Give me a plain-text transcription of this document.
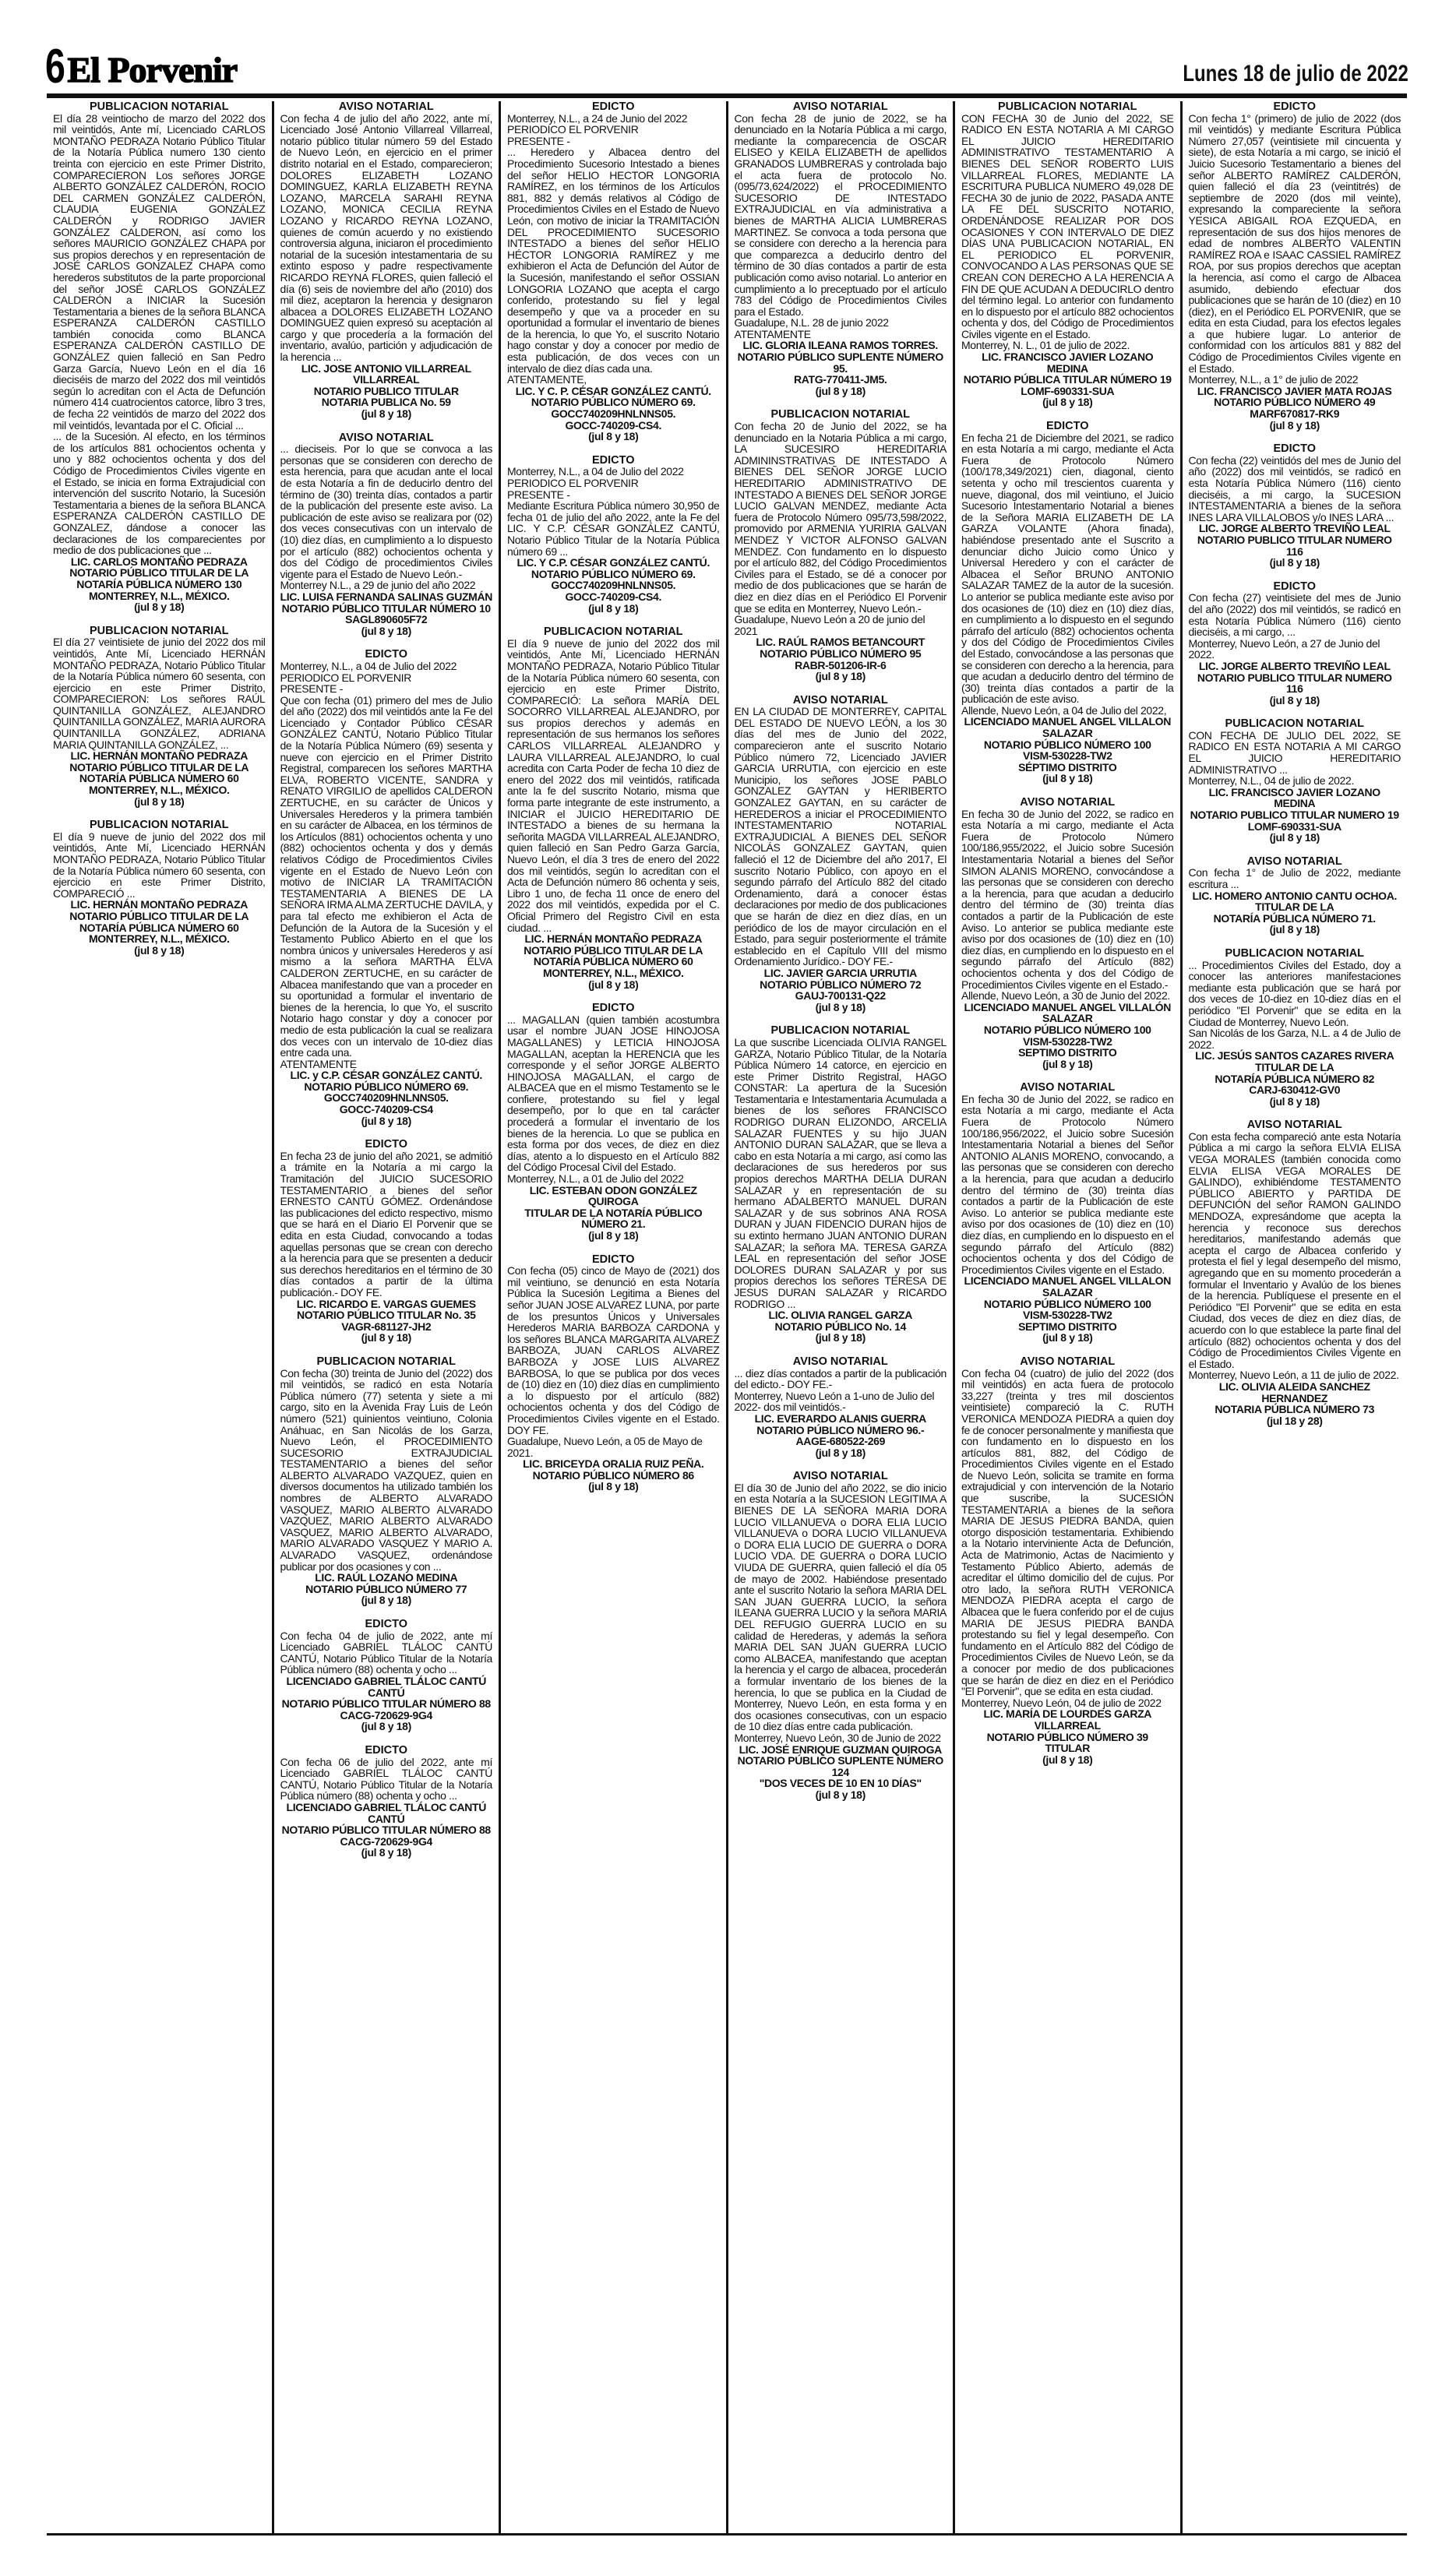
6 El Porvenir	Lunes 18 de julio de 2022
PUBLICACION NOTARIAL

El día 28 veintiocho de marzo del 2022 dos mil veintidós, Ante mí, Licenciado CARLOS MONTAÑO PEDRAZA Notario Público Titular de la Notaría Pública numero 130 ciento treinta con ejercicio en este Primer Distrito, COMPARECIERON Los señores JORGE ALBERTO GONZÁLEZ CALDERÓN, ROCIO DEL CARMEN GONZÁLEZ CALDERÓN, CLAUDIA EUGENIA GONZÁLEZ CALDERÓN y RODRIGO JAVIER GONZÁLEZ CALDERON, así como los señores MAURICIO GONZÁLEZ CHAPA por sus propios derechos y en representación de JOSÉ CARLOS GONZALEZ CHAPA como herederos substitutos de la parte proporcional del señor JOSÉ CARLOS GONZÁLEZ CALDERÓN a INICIAR la Sucesión Testamentaria a bienes de la señora BLANCA ESPERANZA CALDERÓN CASTILLO también conocida como BLANCA ESPERANZA CALDERÓN CASTILLO DE GONZÁLEZ quien falleció en San Pedro Garza García, Nuevo León en el día 16 dieciséis de marzo del 2022 dos mil veintidós según lo acreditan con el Acta de Defunción número 414 cuatrocientos catorce, libro 3 tres, de fecha 22 veintidós de marzo del 2022 dos mil veintidós, levantada por el C. Oficial ...

... de la Sucesión. Al efecto, en los términos de los artículos 881 ochocientos ochenta y uno y 882 ochocientos ochenta y dos del Código de Procedimientos Civiles vigente en el Estado, se inicia en forma Extrajudicial con intervención del suscrito Notario, la Sucesión Testamentaria a bienes de la señora BLANCA ESPERANZA CALDERÓN CASTILLO DE GONZALEZ, dándose a conocer las declaraciones de los comparecientes por medio de dos publicaciones que ...

LIC. CARLOS MONTAÑO PEDRAZA
NOTARIO PÚBLICO TITULAR DE LA
NOTARÍA PÚBLICA NÚMERO 130
MONTERREY, N.L., MÉXICO.
(jul 8 y 18)
PUBLICACION NOTARIAL

El día 27 veintisiete de junio del 2022 dos mil veintidós, Ante Mí, Licenciado HERNÁN MONTAÑO PEDRAZA, Notario Público Titular de la Notaría Pública número 60 sesenta, con ejercicio en este Primer Distrito, COMPARECIERON: Los señores RAÚL QUINTANILLA GONZÁLEZ, ALEJANDRO QUINTANILLA GONZÁLEZ, MARIA AURORA QUINTANILLA GONZÁLEZ, ADRIANA MARIA QUINTANILLA GONZÁLEZ, ...

LIC. HERNÁN MONTAÑO PEDRAZA
NOTARIO PÚBLICO TITULAR DE LA
NOTARÍA PÚBLICA NÚMERO 60
MONTERREY, N.L., MÉXICO.
(jul 8 y 18)
PUBLICACION NOTARIAL

El día 9 nueve de junio del 2022 dos mil veintidós, Ante Mí, Licenciado HERNÁN MONTAÑO PEDRAZA, Notario Público Titular de la Notaría Pública número 60 sesenta, con ejercicio en este Primer Distrito, COMPARECIÓ ...

LIC. HERNÁN MONTAÑO PEDRAZA
NOTARIO PÚBLICO TITULAR DE LA
NOTARÍA PÚBLICA NÚMERO 60
MONTERREY, N.L., MÉXICO.
(jul 8 y 18)
AVISO NOTARIAL

Con fecha 4 de julio del año 2022, ante mí, Licenciado José Antonio Villarreal Villarreal, notario público titular número 59 del Estado de Nuevo León, en ejercicio en el primer distrito notarial en el Estado, comparecieron; DOLORES ELIZABETH LOZANO DOMINGUEZ, KARLA ELIZABETH REYNA LOZANO, MARCELA SARAHI REYNA LOZANO, MONICA CECILIA REYNA LOZANO y RICARDO REYNA LOZANO, quienes de común acuerdo y no existiendo controversia alguna, iniciaron el procedimiento notarial de la sucesión intestamentaria de su extinto esposo y padre respectivamente RICARDO REYNA FLORES, quien falleció el día (6) seis de noviembre del año (2010) dos mil diez, aceptaron la herencia y designaron albacea a DOLORES ELIZABETH LOZANO DOMINGUEZ quien expresó su aceptación al cargo y que procedería a la formación del inventario, avalúo, partición y adjudicación de la herencia ...

LIC. JOSE ANTONIO VILLARREAL VILLARREAL
NOTARIO PUBLICO TITULAR
NOTARIA PUBLICA No. 59
(jul 8 y 18)
AVISO NOTARIAL

... dieciseis. Por lo que se convoca a las personas que se consideren con derecho de esta herencia, para que acudan ante el local de esta Notaría a fin de deducirlo dentro del término de (30) treinta días, contados a partir de la publicación del presente este aviso. La publicación de este aviso se realizara por (02) dos veces consecutivas con un intervalo de (10) diez días, en cumplimiento a lo dispuesto por el artículo (882) ochocientos ochenta y dos del Código de procedimientos Civiles vigente para el Estado de Nuevo León.-

Monterrey N.L., a 29 de junio del año 2022

LIC. LUISA FERNANDA SALINAS GUZMÁN
NOTARIO PÚBLICO TITULAR NÚMERO 10
SAGL890605F72
(jul 8 y 18)
EDICTO

Monterrey, N.L., a 04 de Julio del 2022

PERIODICO EL PORVENIR

PRESENTE -

Que con fecha (01) primero del mes de Julio del año (2022) dos mil veintidós ante la Fe del Licenciado y Contador Público CÉSAR GONZÁLEZ CANTÚ, Notario Público Titular de la Notaría Pública Número (69) sesenta y nueve con ejercicio en el Primer Distrito Registral, comparecen los señores MARTHA ELVA, ROBERTO VICENTE, SANDRA y RENATO VIRGILIO de apellidos CALDERON ZERTUCHE, en su carácter de Únicos y Universales Herederos y la primera también en su carácter de Albacea, en los términos de los Artículos (881) ochocientos ochenta y uno (882) ochocientos ochenta y dos y demás relativos Código de Procedimientos Civiles vigente en el Estado de Nuevo León con motivo de INICIAR LA TRAMITACIÓN TESTAMENTARIA A BIENES DE LA SEÑORA IRMA ALMA ZERTUCHE DAVILA, y para tal efecto me exhibieron el Acta de Defunción de la Autora de la Sucesión y el Testamento Publico Abierto en el que los nombra únicos y universales Herederos y así mismo a la señora MARTHA ELVA CALDERON ZERTUCHE, en su carácter de Albacea manifestando que van a proceder en su oportunidad a formular el inventario de bienes de la herencia, lo que Yo, el suscrito Notario hago constar y doy a conocer por medio de esta publicación la cual se realizara dos veces con un intervalo de 10-diez días entre cada una.

ATENTAMENTE

LIC. y C.P. CÉSAR GONZÁLEZ CANTÚ.
NOTARIO PÚBLICO NÚMERO 69.
GOCC740209HNLNNS05.
GOCC-740209-CS4
(jul 8 y 18)
EDICTO

En fecha 23 de junio del año 2021, se admitió a trámite en la Notaría a mi cargo la Tramitación del JUICIO SUCESORIO TESTAMENTARIO a bienes del señor ERNESTO CANTÚ GÓMEZ. Ordenándose las publicaciones del edicto respectivo, mismo que se hará en el Diario El Porvenir que se edita en esta Ciudad, convocando a todas aquellas personas que se crean con derecho a la herencia para que se presenten a deducir sus derechos hereditarios en el término de 30 días contados a partir de la última publicación.- DOY FE.

LIC. RICARDO E. VARGAS GUEMES
NOTARIO PÚBLICO TITULAR No. 35
VAGR-681127-JH2
(jul 8 y 18)
PUBLICACION NOTARIAL

Con fecha (30) treinta de Junio del (2022) dos mil veintidós, se radicó en esta Notaría Pública número (77) setenta y siete a mi cargo, sito en la Avenida Fray Luis de León número (521) quinientos veintiuno, Colonia Anáhuac, en San Nicolás de los Garza, Nuevo León, el PROCEDIMIENTO SUCESORIO EXTRAJUDICIAL TESTAMENTARIO a bienes del señor ALBERTO ALVARADO VAZQUEZ, quien en diversos documentos ha utilizado también los nombres de ALBERTO ALVARADO VASQUEZ, MARIO ALBERTO ALVARADO VAZQUEZ, MARIO ALBERTO ALVARADO VASQUEZ, MARIO ALBERTO ALVARADO, MARIO ALVARADO VASQUEZ Y MARIO A. ALVARADO VASQUEZ, ordenándose publicar por dos ocasiones y con ...

LIC. RAÚL LOZANO MEDINA
NOTARIO PÚBLICO NÚMERO 77
(jul 8 y 18)
EDICTO

Con fecha 04 de julio de 2022, ante mí Licenciado GABRIEL TLÁLOC CANTÚ CANTÚ, Notario Público Titular de la Notaría Pública número (88) ochenta y ocho ...

LICENCIADO GABRIEL TLÁLOC CANTÚ CANTÚ
NOTARIO PÚBLICO TITULAR NÚMERO 88
CACG-720629-9G4
(jul 8 y 18)
EDICTO

Con fecha 06 de julio del 2022, ante mí Licenciado GABRIEL TLÁLOC CANTÚ CANTÚ, Notario Público Titular de la Notaría Pública número (88) ochenta y ocho ...

LICENCIADO GABRIEL TLÁLOC CANTÚ CANTÚ
NOTARIO PÚBLICO TITULAR NÚMERO 88
CACG-720629-9G4
(jul 8 y 18)
EDICTO

Monterrey, N.L., a 24 de Junio del 2022

PERIODICO EL PORVENIR

PRESENTE -

... Heredero y Albacea dentro del Procedimiento Sucesorio Intestado a bienes del señor HELIO HECTOR LONGORIA RAMÍREZ, en los términos de los Artículos 881, 882 y demás relativos al Código de Procedimientos Civiles en el Estado de Nuevo León, con motivo de iniciar la TRAMITACIÓN DEL PROCEDIMIENTO SUCESORIO INTESTADO a bienes del señor HELIO HÉCTOR LONGORIA RAMÍREZ y me exhibieron el Acta de Defunción del Autor de la Sucesión, manifestando el señor OSSIAN LONGORIA LOZANO que acepta el cargo conferido, protestando su fiel y legal desempeño y que va a proceder en su oportunidad a formular el inventario de bienes de la herencia, lo que Yo, el suscrito Notario hago constar y doy a conocer por medio de esta publicación, de dos veces con un intervalo de diez días cada una.

ATENTAMENTE,

LIC. Y C. P. CÉSAR GONZÁLEZ CANTÚ.
NOTARIO PÚBLICO NÚMERO 69.
GOCC740209HNLNNS05.
GOCC-740209-CS4.
(jul 8 y 18)
EDICTO

Monterrey, N.L., a 04 de Julio del 2022

PERIODICO EL PORVENIR

PRESENTE -

Mediante Escritura Pública número 30,950 de fecha 01 de julio del año 2022, ante la Fe del LIC. Y C.P. CÉSAR GONZÁLEZ CANTÚ, Notario Público Titular de la Notaría Pública número 69 ...

LIC. Y C.P. CÉSAR GONZÁLEZ CANTÚ.
NOTARIO PÚBLICO NÚMERO 69.
GOCC740209HNLNNS05.
GOCC-740209-CS4.
(jul 8 y 18)
PUBLICACION NOTARIAL

El día 9 nueve de junio del 2022 dos mil veintidós, Ante Mí, Licenciado HERNÁN MONTAÑO PEDRAZA, Notario Público Titular de la Notaría Pública número 60 sesenta, con ejercicio en este Primer Distrito, COMPARECIÓ: La señora MARÍA DEL SOCORRO VILLARREAL ALEJANDRO, por sus propios derechos y además en representación de sus hermanos los señores CARLOS VILLARREAL ALEJANDRO y LAURA VILLARREAL ALEJANDRO, lo cual acredita con Carta Poder de fecha 10 diez de enero del 2022 dos mil veintidós, ratificada ante la fe del suscrito Notario, misma que forma parte integrante de este instrumento, a INICIAR el JUICIO HEREDITARIO DE INTESTADO a bienes de su hermana la señorita MAGDA VILLARREAL ALEJANDRO, quien falleció en San Pedro Garza García, Nuevo León, el día 3 tres de enero del 2022 dos mil veintidós, según lo acreditan con el Acta de Defunción número 86 ochenta y seis, Libro 1 uno, de fecha 11 once de enero del 2022 dos mil veintidós, expedida por el C. Oficial Primero del Registro Civil en esta ciudad. ...

LIC. HERNÁN MONTAÑO PEDRAZA
NOTARIO PÚBLICO TITULAR DE LA
NOTARÍA PÚBLICA NÚMERO 60
MONTERREY, N.L., MÉXICO.
(jul 8 y 18)
EDICTO

... MAGALLAN (quien también acostumbra usar el nombre JUAN JOSE HINOJOSA MAGALLANES) y LETICIA HINOJOSA MAGALLAN, aceptan la HERENCIA que les corresponde y el señor JORGE ALBERTO HINOJOSA MAGALLAN, el cargo de ALBACEA que en el mismo Testamento se le confiere, protestando su fiel y legal desempeño, por lo que en tal carácter procederá a formular el inventario de los bienes de la herencia. Lo que se publica en esta forma por dos veces, de diez en diez días, atento a lo dispuesto en el Artículo 882 del Código Procesal Civil del Estado.

Monterrey, N.L., a 01 de Julio del 2022

LIC. ESTEBAN ODON GONZÁLEZ QUIROGA
TITULAR DE LA NOTARÍA PÚBLICO
NÚMERO 21.
(jul 8 y 18)
EDICTO

Con fecha (05) cinco de Mayo de (2021) dos mil veintiuno, se denunció en esta Notaría Pública la Sucesión Legitima a Bienes del señor JUAN JOSE ALVAREZ LUNA, por parte de los presuntos Únicos y Universales Herederos MARIA BARBOZA CARDONA y los señores BLANCA MARGARITA ALVAREZ BARBOZA, JUAN CARLOS ALVAREZ BARBOZA y JOSE LUIS ALVAREZ BARBOSA, lo que se publica por dos veces de (10) diez en (10) diez días en cumplimiento a lo dispuesto por el artículo (882) ochocientos ochenta y dos del Código de Procedimientos Civiles vigente en el Estado. DOY FE.

Guadalupe, Nuevo León, a 05 de Mayo de 2021.

LIC. BRICEYDA ORALIA RUIZ PEÑA.
NOTARIO PÚBLICO NÚMERO 86
(jul 8 y 18)
AVISO NOTARIAL

Con fecha 28 de junio de 2022, se ha denunciado en la Notaría Pública a mi cargo, mediante la comparecencia de OSCAR ELISEO y KEILA ELIZABETH de apellidos GRANADOS LUMBRERAS y controlada bajo el acta fuera de protocolo No. (095/73,624/2022) el PROCEDIMIENTO SUCESORIO DE INTESTADO EXTRAJUDICIAL en vía administrativa a bienes de MARTHA ALICIA LUMBRERAS MARTINEZ. Se convoca a toda persona que se considere con derecho a la herencia para que comparezca a deducirlo dentro del término de 30 días contados a partir de esta publicación como aviso notarial. Lo anterior en cumplimiento a lo preceptuado por el artículo 783 del Código de Procedimientos Civiles para el Estado.

Guadalupe, N.L. 28 de junio 2022

ATENTAMENTE

LIC. GLORIA ILEANA RAMOS TORRES.
NOTARIO PÚBLICO SUPLENTE NÚMERO 95.
RATG-770411-JM5.
(jul 8 y 18)
PUBLICACION NOTARIAL

Con fecha 20 de Junio del 2022, se ha denunciado en la Notaria Pública a mi cargo, LA SUCESIRO HEREDITARIA ADMININSTRATIVAS DE INTESTADO A BIENES DEL SEÑOR JORGE LUCIO HEREDITARIO ADMINISTRATIVO DE INTESTADO A BIENES DEL SEÑOR JORGE LUCIO GALVAN MENDEZ, mediante Acta fuera de Protocolo Número 095/73,598/2022, promovido por ARMENIA YURIRIA GALVAN MENDEZ Y VICTOR ALFONSO GALVAN MENDEZ. Con fundamento en lo dispuesto por el artículo 882, del Código Procedimientos Civiles para el Estado, se dé a conocer por medio de dos publicaciones que se harán de diez en diez días en el Periódico El Porvenir que se edita en Monterrey, Nuevo León.-

Guadalupe, Nuevo León a 20 de junio del 2021

LIC. RAÚL RAMOS BETANCOURT
NOTARIO PÚBLICO NÚMERO 95
RABR-501206-IR-6
(jul 8 y 18)
AVISO NOTARIAL

EN LA CIUDAD DE MONTERREY, CAPITAL DEL ESTADO DE NUEVO LEÓN, a los 30 días del mes de Junio del 2022, comparecieron ante el suscrito Notario Público número 72, Licenciado JAVIER GARCIA URRUTIA, con ejercicio en este Municipio, los señores JOSE PABLO GONZALEZ GAYTAN y HERIBERTO GONZALEZ GAYTAN, en su carácter de HEREDEROS a iniciar el PROCEDIMIENTO INTESTAMENTARIO NOTARIAL EXTRAJUDICIAL A BIENES DEL SEÑOR NICOLÁS GONZALEZ GAYTAN, quien falleció el 12 de Diciembre del año 2017, El suscrito Notario Público, con apoyo en el segundo párrafo del Artículo 882 del citado Ordenamiento, dará a conocer éstas declaraciones por medio de dos publicaciones que se harán de diez en diez días, en un periódico de los de mayor circulación en el Estado, para seguir posteriormente el trámite establecido en el Capítulo VIII del mismo Ordenamiento Jurídico.- DOY FE.-

LIC. JAVIER GARCIA URRUTIA
NOTARIO PÚBLICO NÚMERO 72
GAUJ-700131-Q22
(jul 8 y 18)
PUBLICACION NOTARIAL

La que suscribe Licenciada OLIVIA RANGEL GARZA, Notario Público Titular, de la Notaría Pública Número 14 catorce, en ejercicio en este Primer Distrito Registral, HAGO CONSTAR: La apertura de la Sucesión Testamentaria e Intestamentaria Acumulada a bienes de los señores FRANCISCO RODRIGO DURAN ELIZONDO, ARCELIA SALAZAR FUENTES y su hijo JUAN ANTONIO DURAN SALAZAR, que se lleva a cabo en esta Notaría a mi cargo, así como las declaraciones de sus herederos por sus propios derechos MARTHA DELIA DURAN SALAZAR y en representación de su hermano ADALBERTO MANUEL DURAN SALAZAR y de sus sobrinos ANA ROSA DURAN y JUAN FIDENCIO DURAN hijos de su extinto hermano JUAN ANTONIO DURAN SALAZAR; la señora MA. TERESA GARZA LEAL en representación del señor JOSE DOLORES DURAN SALAZAR y por sus propios derechos los señores TERESA DE JESUS DURAN SALAZAR y RICARDO RODRIGO ...

LIC. OLIVIA RANGEL GARZA
NOTARIO PÚBLICO No. 14
(jul 8 y 18)
AVISO NOTARIAL

... diez días contados a partir de la publicación del edicto.- DOY FE.-

Monterrey, Nuevo León a 1-uno de Julio del 2022- dos mil veintidós.-

LIC. EVERARDO ALANIS GUERRA
NOTARIO PÚBLICO NÚMERO 96.-
AAGE-680522-269
(jul 8 y 18)
AVISO NOTARIAL

El día 30 de Junio del año 2022, se dio inicio en esta Notaría a la SUCESION LEGITIMA A BIENES DE LA SEÑORA MARIA DORA LUCIO VILLANUEVA o DORA ELIA LUCIO VILLANUEVA o DORA LUCIO VILLANUEVA o DORA ELIA LUCIO DE GUERRA o DORA LUCIO VDA. DE GUERRA o DORA LUCIO VIUDA DE GUERRA, quien falleció el día 05 de mayo de 2002. Habiéndose presentado ante el suscrito Notario la señora MARIA DEL SAN JUAN GUERRA LUCIO, la señora ILEANA GUERRA LUCIO y la señora MARIA DEL REFUGIO GUERRA LUCIO en su calidad de Herederas, y además la señora MARIA DEL SAN JUAN GUERRA LUCIO como ALBACEA, manifestando que aceptan la herencia y el cargo de albacea, procederán a formular inventario de los bienes de la herencia, lo que se publica en la Ciudad de Monterrey, Nuevo León, en esta forma y en dos ocasiones consecutivas, con un espacio de 10 diez días entre cada publicación.

Monterrey, Nuevo León, 30 de Junio de 2022

LIC. JOSÉ ENRIQUE GUZMAN QUIROGA
NOTARIO PÚBLICO SUPLENTE NÚMERO 124
"DOS VECES DE 10 EN 10 DÍAS"
(jul 8 y 18)
PUBLICACION NOTARIAL

CON FECHA 30 de Junio del 2022, SE RADICO EN ESTA NOTARIA A MI CARGO EL JUICIO HEREDITARIO ADMINISTRATIVO TESTAMENTARIO A BIENES DEL SEÑOR ROBERTO LUIS VILLARREAL FLORES, MEDIANTE LA ESCRITURA PUBLICA NUMERO 49,028 DE FECHA 30 de junio de 2022, PASADA ANTE LA FE DEL SUSCRITO NOTARIO, ORDENÁNDOSE REALIZAR POR DOS OCASIONES Y CON INTERVALO DE DIEZ DÍAS UNA PUBLICACION NOTARIAL, EN EL PERIODICO EL PORVENIR, CONVOCANDO A LAS PERSONAS QUE SE CREAN CON DERECHO A LA HERENCIA A FIN DE QUE ACUDAN A DEDUCIRLO dentro del término legal. Lo anterior con fundamento en lo dispuesto por el artículo 882 ochocientos ochenta y dos, del Código de Procedimientos Civiles vigente en el Estado.

Monterrey, N. L., 01 de julio de 2022.

LIC. FRANCISCO JAVIER LOZANO MEDINA
NOTARIO PÚBLICA TITULAR NÚMERO 19
LOMF-690331-SUA
(jul 8 y 18)
EDICTO

En fecha 21 de Diciembre del 2021, se radico en esta Notaría a mi cargo, mediante el Acta Fuera de Protocolo Número (100/178,349/2021) cien, diagonal, ciento setenta y ocho mil trescientos cuarenta y nueve, diagonal, dos mil veintiuno, el Juicio Sucesorio Intestamentario Notarial a bienes de la Señora MARIA ELIZABETH DE LA GARZA VOLANTE (Ahora finada), habiéndose presentado ante el Suscrito a denunciar dicho Juicio como Único y Universal Heredero y con el carácter de Albacea el Señor BRUNO ANTONIO SALAZAR TAMEZ de la autor de la sucesión. Lo anterior se publica mediante este aviso por dos ocasiones de (10) diez en (10) diez días, en cumplimiento a lo dispuesto en el segundo párrafo del artículo (882) ochocientos ochenta y dos del Código de Procedimientos Civiles del Estado, convocándose a las personas que se consideren con derecho a la herencia, para que acudan a deducirlo dentro del término de (30) treinta días contados a partir de la publicación de este aviso.

Allende, Nuevo León, a 04 de Julio del 2022,

LICENCIADO MANUEL ANGEL VILLALON
SALAZAR
NOTARIO PÚBLICO NÚMERO 100
VISM-530228-TW2
SÉPTIMO DISTRITO
(jul 8 y 18)
AVISO NOTARIAL

En fecha 30 de Junio del 2022, se radico en esta Notaría a mi cargo, mediante el Acta Fuera de Protocolo Número 100/186,955/2022, el Juicio sobre Sucesión Intestamentaria Notarial a bienes del Señor SIMON ALANIS MORENO, convocándose a las personas que se consideren con derecho a la herencia, para que acudan a deducirlo dentro del término de (30) treinta días contados a partir de la Publicación de este Aviso. Lo anterior se publica mediante este aviso por dos ocasiones de (10) diez en (10) diez días, en cumpliendo en lo dispuesto en el segundo párrafo del Artículo (882) ochocientos ochenta y dos del Código de Procedimientos Civiles vigente en el Estado.-

Allende, Nuevo León, a 30 de Junio del 2022.

LICENCIADO MANUEL ANGEL VILLALÓN
SALAZAR
NOTARIO PÚBLICO NÚMERO 100
VISM-530228-TW2
SEPTIMO DISTRITO
(jul 8 y 18)
AVISO NOTARIAL

En fecha 30 de Junio del 2022, se radico en esta Notaría a mi cargo, mediante el Acta Fuera de Protocolo Número 100/186,956/2022, el Juicio sobre Sucesión Intestamentaria Notarial a bienes del Señor ANTONIO ALANIS MORENO, convocando, a las personas que se consideren con derecho a la herencia, para que acudan a deducirlo dentro del término de (30) treinta días contados a partir de la Publicación de este Aviso. Lo anterior se publica mediante este aviso por dos ocasiones de (10) diez en (10) diez días, en cumpliendo en lo dispuesto en el segundo párrafo del Artículo (882) ochocientos ochenta y dos del Código de Procedimientos Civiles vigente en el Estado.

LICENCIADO MANUEL ANGEL VILLALON
SALAZAR
NOTARIO PÚBLICO NÚMERO 100
VISM-530228-TW2
SEPTIMO DISTRITO
(jul 8 y 18)
AVISO NOTARIAL

Con fecha 04 (cuatro) de julio del 2022 (dos mil veintidós) en acta fuera de protocolo 33,227 (treinta y tres mil doscientos veintisiete) compareció la C. RUTH VERONICA MENDOZA PIEDRA a quien doy fe de conocer personalmente y manifiesta que con fundamento en lo dispuesto en los artículos 881, 882, del Código de Procedimientos Civiles vigente en el Estado de Nuevo León, solicita se tramite en forma extrajudicial y con intervención de la Notario que suscribe, la SUCESIÓN TESTAMENTARIA a bienes de la señora MARIA DE JESUS PIEDRA BANDA, quien otorgo disposición testamentaria. Exhibiendo a la Notario interviniente Acta de Defunción, Acta de Matrimonio, Actas de Nacimiento y Testamento Público Abierto, además de acreditar el último domicilio del de cujus. Por otro lado, la señora RUTH VERONICA MENDOZA PIEDRA acepta el cargo de Albacea que le fuera conferido por el de cujus MARIA DE JESUS PIEDRA BANDA protestando su fiel y legal desempeño. Con fundamento en el Artículo 882 del Código de Procedimientos Civiles de Nuevo León, se da a conocer por medio de dos publicaciones que se harán de diez en diez en el Periódico "El Porvenir", que se edita en esta ciudad.

Monterrey, Nuevo León, 04 de julio de 2022

LIC. MARÍA DE LOURDES GARZA
VILLARREAL
NOTARIO PÚBLICO NÚMERO 39
TITULAR
(jul 8 y 18)
EDICTO

Con fecha 1° (primero) de julio de 2022 (dos mil veintidós) y mediante Escritura Pública Número 27,057 (veintisiete mil cincuenta y siete), de esta Notaría a mi cargo, se inició el Juicio Sucesorio Testamentario a bienes del señor ALBERTO RAMÍREZ CALDERÓN, quien falleció el día 23 (veintitrés) de septiembre de 2020 (dos mil veinte), expresando la compareciente la señora YESICA ABIGAIL ROA EZQUEDA, en representación de sus dos hijos menores de edad de nombres ALBERTO VALENTIN RAMÍREZ ROA e ISAAC CASSIEL RAMÍREZ ROA, por sus propios derechos que aceptan la herencia, así como el cargo de Albacea asumido, debiendo efectuar dos publicaciones que se harán de 10 (diez) en 10 (diez), en el Periódico EL PORVENIR, que se edita en esta Ciudad, para los efectos legales a que hubiere lugar. Lo anterior de conformidad con los artículos 881 y 882 del Código de Procedimientos Civiles vigente en el Estado.

Monterrey, N.L., a 1° de julio de 2022

LIC. FRANCISCO JAVIER MATA ROJAS
NOTARIO PÚBLICO NÚMERO 49
MARF670817-RK9
(jul 8 y 18)
EDICTO

Con fecha (22) veintidós del mes de Junio del año (2022) dos mil veintidós, se radicó en esta Notaría Pública Número (116) ciento dieciséis, a mi cargo, la SUCESION INTESTAMENTARIA a bienes de la señora INES LARA VILLALOBOS y/o INES LARA ...

LIC. JORGE ALBERTO TREVIÑO LEAL
NOTARIO PUBLICO TITULAR NUMERO 116
(jul 8 y 18)
EDICTO

Con fecha (27) veintisiete del mes de Junio del año (2022) dos mil veintidós, se radicó en esta Notaría Pública Número (116) ciento dieciséis, a mi cargo, ...

Monterrey, Nuevo León, a 27 de Junio del 2022.

LIC. JORGE ALBERTO TREVIÑO LEAL
NOTARIO PUBLICO TITULAR NUMERO 116
(jul 8 y 18)
PUBLICACION NOTARIAL

CON FECHA DE JULIO DEL 2022, SE RADICO EN ESTA NOTARIA A MI CARGO EL JUICIO HEREDITARIO ADMINISTRATIVO ...

Monterrey, N.L., 04 de julio de 2022.

LIC. FRANCISCO JAVIER LOZANO MEDINA
NOTARIO PUBLICO TITULAR NUMERO 19
LOMF-690331-SUA
(jul 8 y 18)
AVISO NOTARIAL

Con fecha 1° de Julio de 2022, mediante escritura ...

LIC. HOMERO ANTONIO CANTU OCHOA.
TITULAR DE LA
NOTARÍA PÚBLICA NÚMERO 71.
(jul 8 y 18)
PUBLICACION NOTARIAL

... Procedimientos Civiles del Estado, doy a conocer las anteriores manifestaciones mediante esta publicación que se hará por dos veces de 10-diez en 10-diez días en el periódico "El Porvenir" que se edita en la Ciudad de Monterrey, Nuevo León.

San Nicolás de los Garza, N.L. a 4 de Julio de 2022.

LIC. JESÚS SANTOS CAZARES RIVERA
TITULAR DE LA
NOTARÍA PÚBLICA NÚMERO 82
CARJ-630412-GV0
(jul 8 y 18)
AVISO NOTARIAL

Con esta fecha compareció ante esta Notaría Pública a mi cargo la señora ELVIA ELISA VEGA MORALES (también conocida como ELVIA ELISA VEGA MORALES DE GALINDO), exhibiéndome TESTAMENTO PÚBLICO ABIERTO y PARTIDA DE DEFUNCIÓN del señor RAMON GALINDO MENDOZA, expresándome que acepta la herencia y reconoce sus derechos hereditarios, manifestando además que acepta el cargo de Albacea conferido y protesta el fiel y legal desempeño del mismo, agregando que en su momento procederán a formular el Inventario y Avalúo de los bienes de la herencia. Publíquese el presente en el Periódico "El Porvenir" que se edita en esta Ciudad, dos veces de diez en diez días, de acuerdo con lo que establece la parte final del artículo (882) ochocientos ochenta y dos del Código de Procedimientos Civiles Vigente en el Estado.

Monterrey, Nuevo León, a 11 de julio de 2022.

LIC. OLIVIA ALEIDA SANCHEZ HERNANDEZ
NOTARIA PÚBLICA NÚMERO 73
(jul 18 y 28)
